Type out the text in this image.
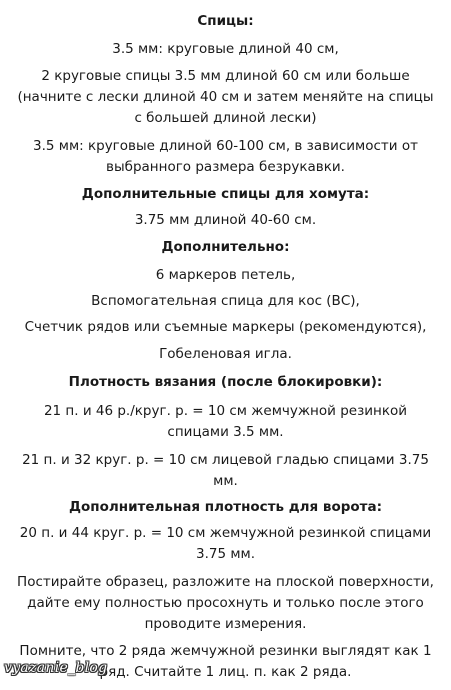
Спицы:
3.5 мм: круговые длиной 40 см,
2 круговые спицы 3.5 мм длиной 60 см или больше
(начните с лески длиной 40 см и затем меняйте на спицы
с большей длиной лески)
3.5 мм: круговые длиной 60-100 см, в зависимости от
выбранного размера безрукавки.
Дополнительные спицы для хомута:
3.75 мм длиной 40-60 см.
Дополнительно:
6 маркеров петель,
Вспомогательная спица для кос (ВС),
Счетчик рядов или съемные маркеры (рекомендуются),
Гобеленовая игла.
Плотность вязания (после блокировки):
21 п. и 46 р./круг. р. = 10 см жемчужной резинкой
спицами 3.5 мм.
21 п. и 32 круг. р. = 10 см лицевой гладью спицами 3.75
мм.
Дополнительная плотность для ворота:
20 п. и 44 круг. р. = 10 см жемчужной резинкой спицами
3.75 мм.
Постирайте образец, разложите на плоской поверхности,
дайте ему полностью просохнуть и только после этого
проводите измерения.
Помните, что 2 ряда жемчужной резинки выглядят как 1
ряд. Считайте 1 лиц. п. как 2 ряда.
vyazanie_blog
